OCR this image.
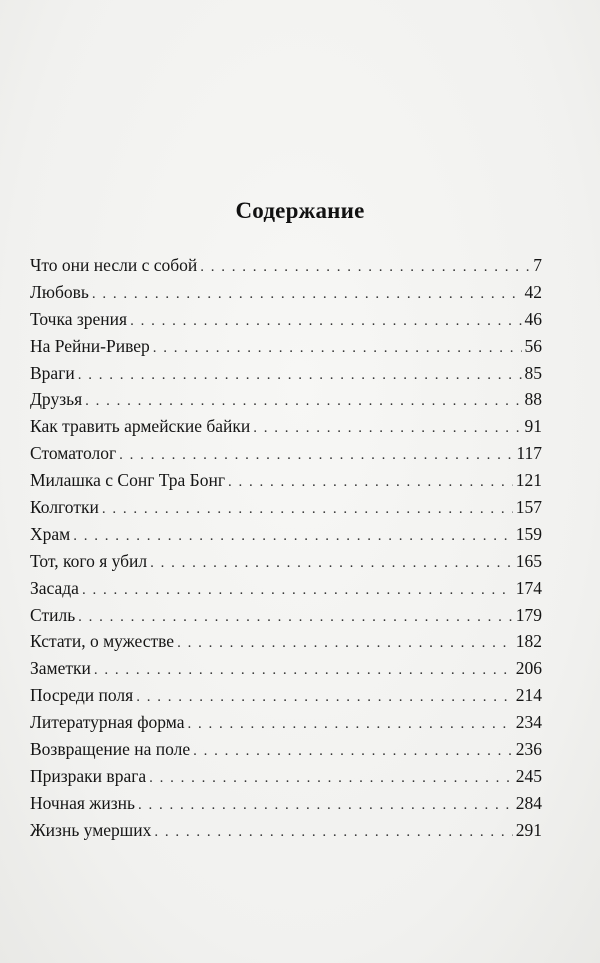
Содержание
Что они несли с собой . . .	7
Любовь . . .	42
Точка зрения . . .	46
На Рейни-Ривер . . .	56
Враги . . .	85
Друзья . . .	88
Как травить армейские байки . . .	91
Стоматолог . . .	117
Милашка с Сонг Тра Бонг . . .	121
Колготки . . .	157
Храм . . .	159
Тот, кого я убил . . .	165
Засада . . .	174
Стиль . . .	179
Кстати, о мужестве . . .	182
Заметки . . .	206
Посреди поля . . .	214
Литературная форма . . .	234
Возвращение на поле . . .	236
Призраки врага . . .	245
Ночная жизнь . . .	284
Жизнь умерших . . .	291
